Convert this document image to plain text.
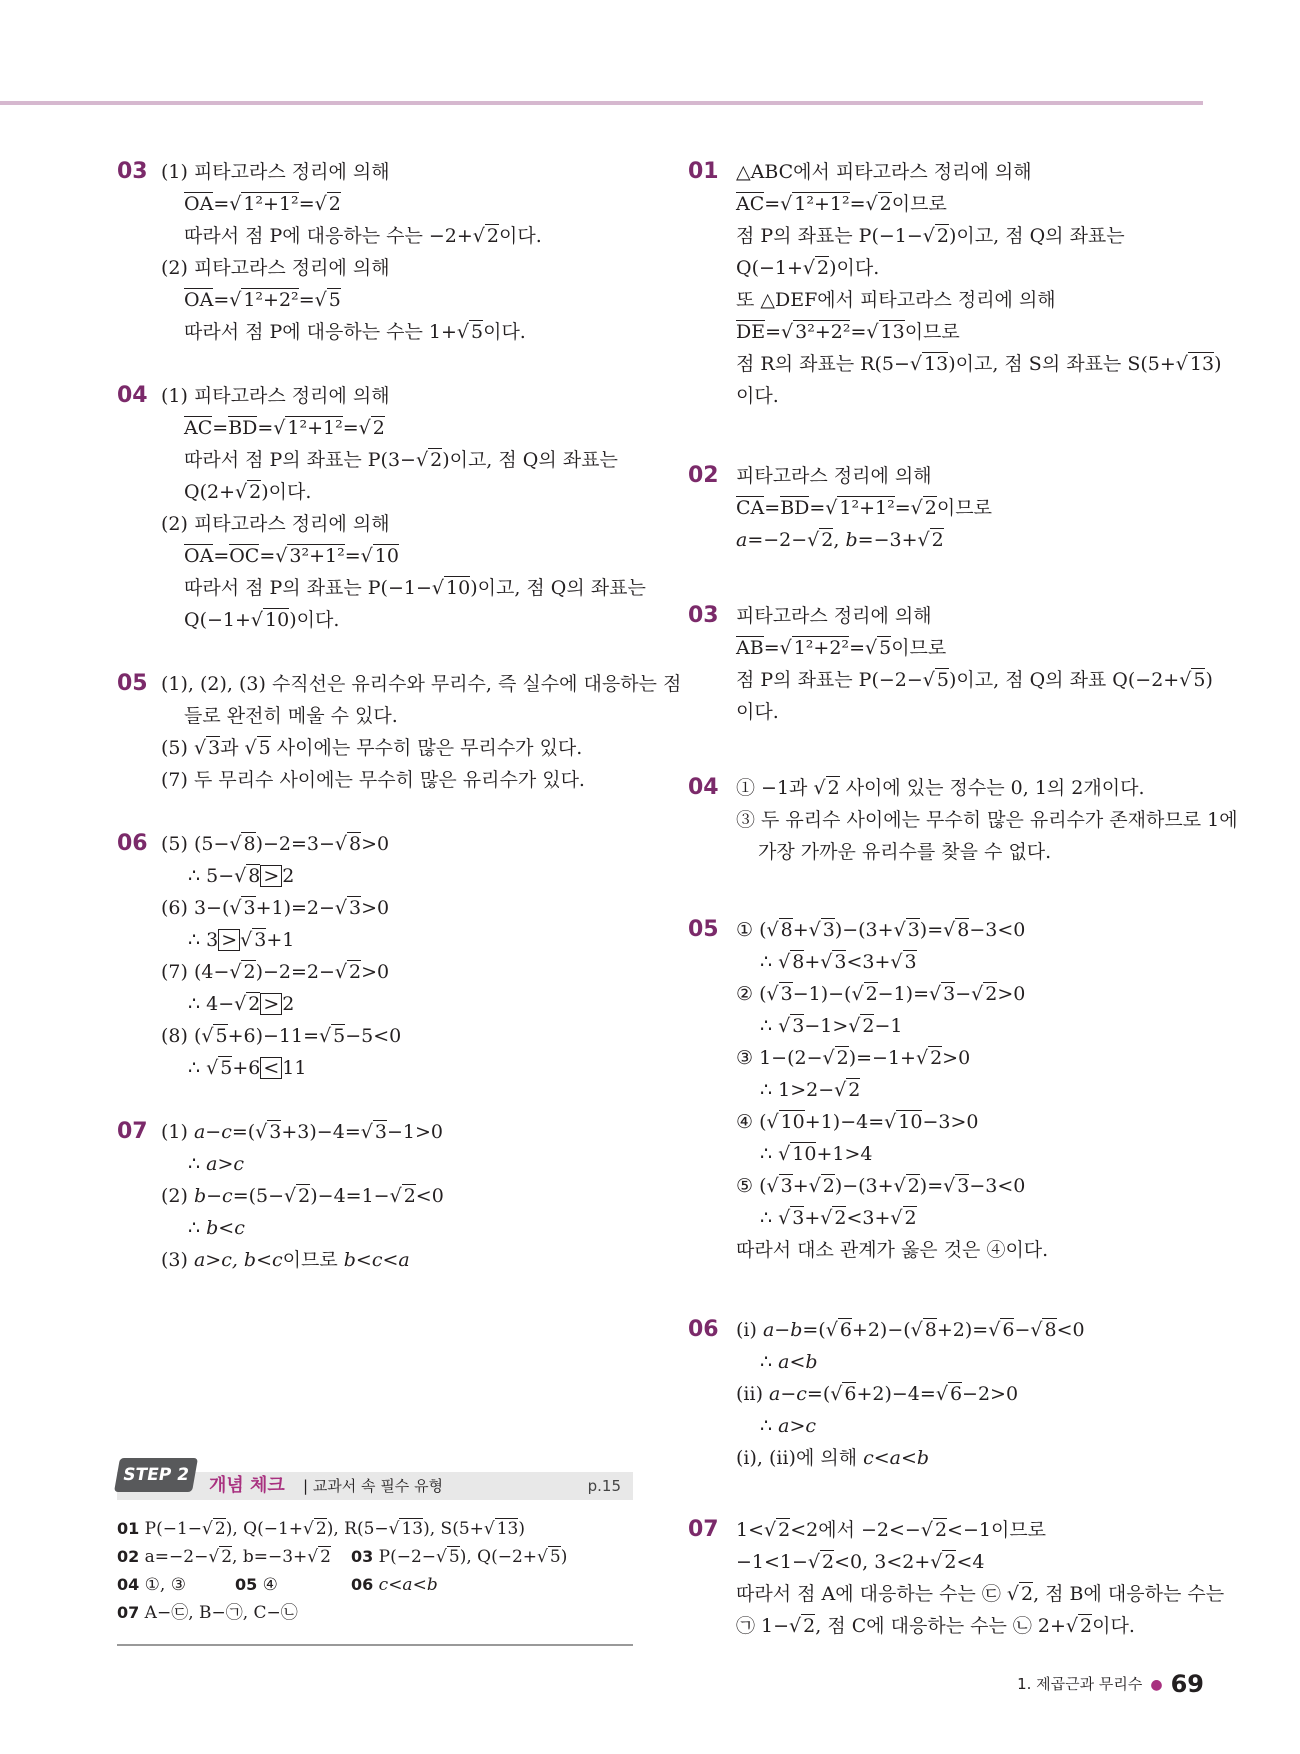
03 (1) 피타고라스 정리에 의해
OA=√ 1²+1²=√ 2
따라서 점 P에 대응하는 수는 −2+√ 2이다.
(2) 피타고라스 정리에 의해
OA=√ 1²+2²=√ 5
따라서 점 P에 대응하는 수는 1+√ 5이다.
04 (1) 피타고라스 정리에 의해
AC=BD=√ 1²+1²=√ 2
따라서 점 P의 좌표는 P(3−√ 2)이고, 점 Q의 좌표는
Q(2+√ 2)이다.
(2) 피타고라스 정리에 의해
OA=OC=√ 3²+1²=√ 10
따라서 점 P의 좌표는 P(−1−√ 10)이고, 점 Q의 좌표는
Q(−1+√ 10)이다.
05 (1), (2), (3) 수직선은 유리수와 무리수, 즉 실수에 대응하는 점
들로 완전히 메울 수 있다.
(5) √ 3과 √ 5 사이에는 무수히 많은 무리수가 있다.
(7) 두 무리수 사이에는 무수히 많은 유리수가 있다.
06 (5) (5−√ 8)−2=3−√ 8>0
∴ 5−√ 8 > 2
(6) 3−(√ 3+1)=2−√ 3>0
∴ 3 > √ 3+1
(7) (4−√ 2)−2=2−√ 2>0
∴ 4−√ 2 > 2
(8) (√ 5+6)−11=√ 5−5<0
∴ √ 5+6 < 11
07 (1) a−c=(√ 3+3)−4=√ 3−1>0
∴ a>c
(2) b−c=(5−√ 2)−4=1−√ 2<0
∴ b<c
(3) a>c, b<c이므로 b<c<a
01 △ABC에서 피타고라스 정리에 의해
AC=√ 1²+1²=√ 2이므로
점 P의 좌표는 P(−1−√ 2)이고, 점 Q의 좌표는
Q(−1+√ 2)이다.
또 △DEF에서 피타고라스 정리에 의해
DE=√ 3²+2²=√ 13이므로
점 R의 좌표는 R(5−√ 13)이고, 점 S의 좌표는 S(5+√ 13)
이다.
02 피타고라스 정리에 의해
CA=BD=√ 1²+1²=√ 2이므로
a=−2−√ 2, b=−3+√ 2
03 피타고라스 정리에 의해
AB=√ 1²+2²=√ 5이므로
점 P의 좌표는 P(−2−√ 5)이고, 점 Q의 좌표 Q(−2+√ 5)
이다.
04 ① −1과 √ 2 사이에 있는 정수는 0, 1의 2개이다.
③ 두 유리수 사이에는 무수히 많은 유리수가 존재하므로 1에
가장 가까운 유리수를 찾을 수 없다.
05 ① (√ 8+√ 3)−(3+√ 3)=√ 8−3<0
∴ √ 8+√ 3<3+√ 3
② (√ 3−1)−(√ 2−1)=√ 3−√ 2>0
∴ √ 3−1>√ 2−1
③ 1−(2−√ 2)=−1+√ 2>0
∴ 1>2−√ 2
④ (√ 10+1)−4=√ 10−3>0
∴ √ 10+1>4
⑤ (√ 3+√ 2)−(3+√ 2)=√ 3−3<0
∴ √ 3+√ 2<3+√ 2
따라서 대소 관계가 옳은 것은 ④이다.
06 (ⅰ) a−b=(√ 6+2)−(√ 8+2)=√ 6−√ 8<0
∴ a<b
(ⅱ) a−c=(√ 6+2)−4=√ 6−2>0
∴ a>c
(ⅰ), (ⅱ)에 의해 c<a<b
07 1<√ 2<2에서 −2<−√ 2<−1이므로
−1<1−√ 2<0, 3<2+√ 2<4
따라서 점 A에 대응하는 수는 ㉢ √ 2, 점 B에 대응하는 수는
㉠ 1−√ 2, 점 C에 대응하는 수는 ㉡ 2+√ 2이다.
STEP 2	개념 체크 | 교과서 속 필수 유형	p.15
01 P(−1−√ 2), Q(−1+√ 2), R(5−√ 13), S(5+√ 13)
02 a=−2−√ 2, b=−3+√ 2 03 P(−2−√ 5), Q(−2+√ 5)
04 ①, ③	05 ④	06 c<a<b
07 A−㉢, B−㉠, C−㉡
1. 제곱근과 무리수 ● 69
